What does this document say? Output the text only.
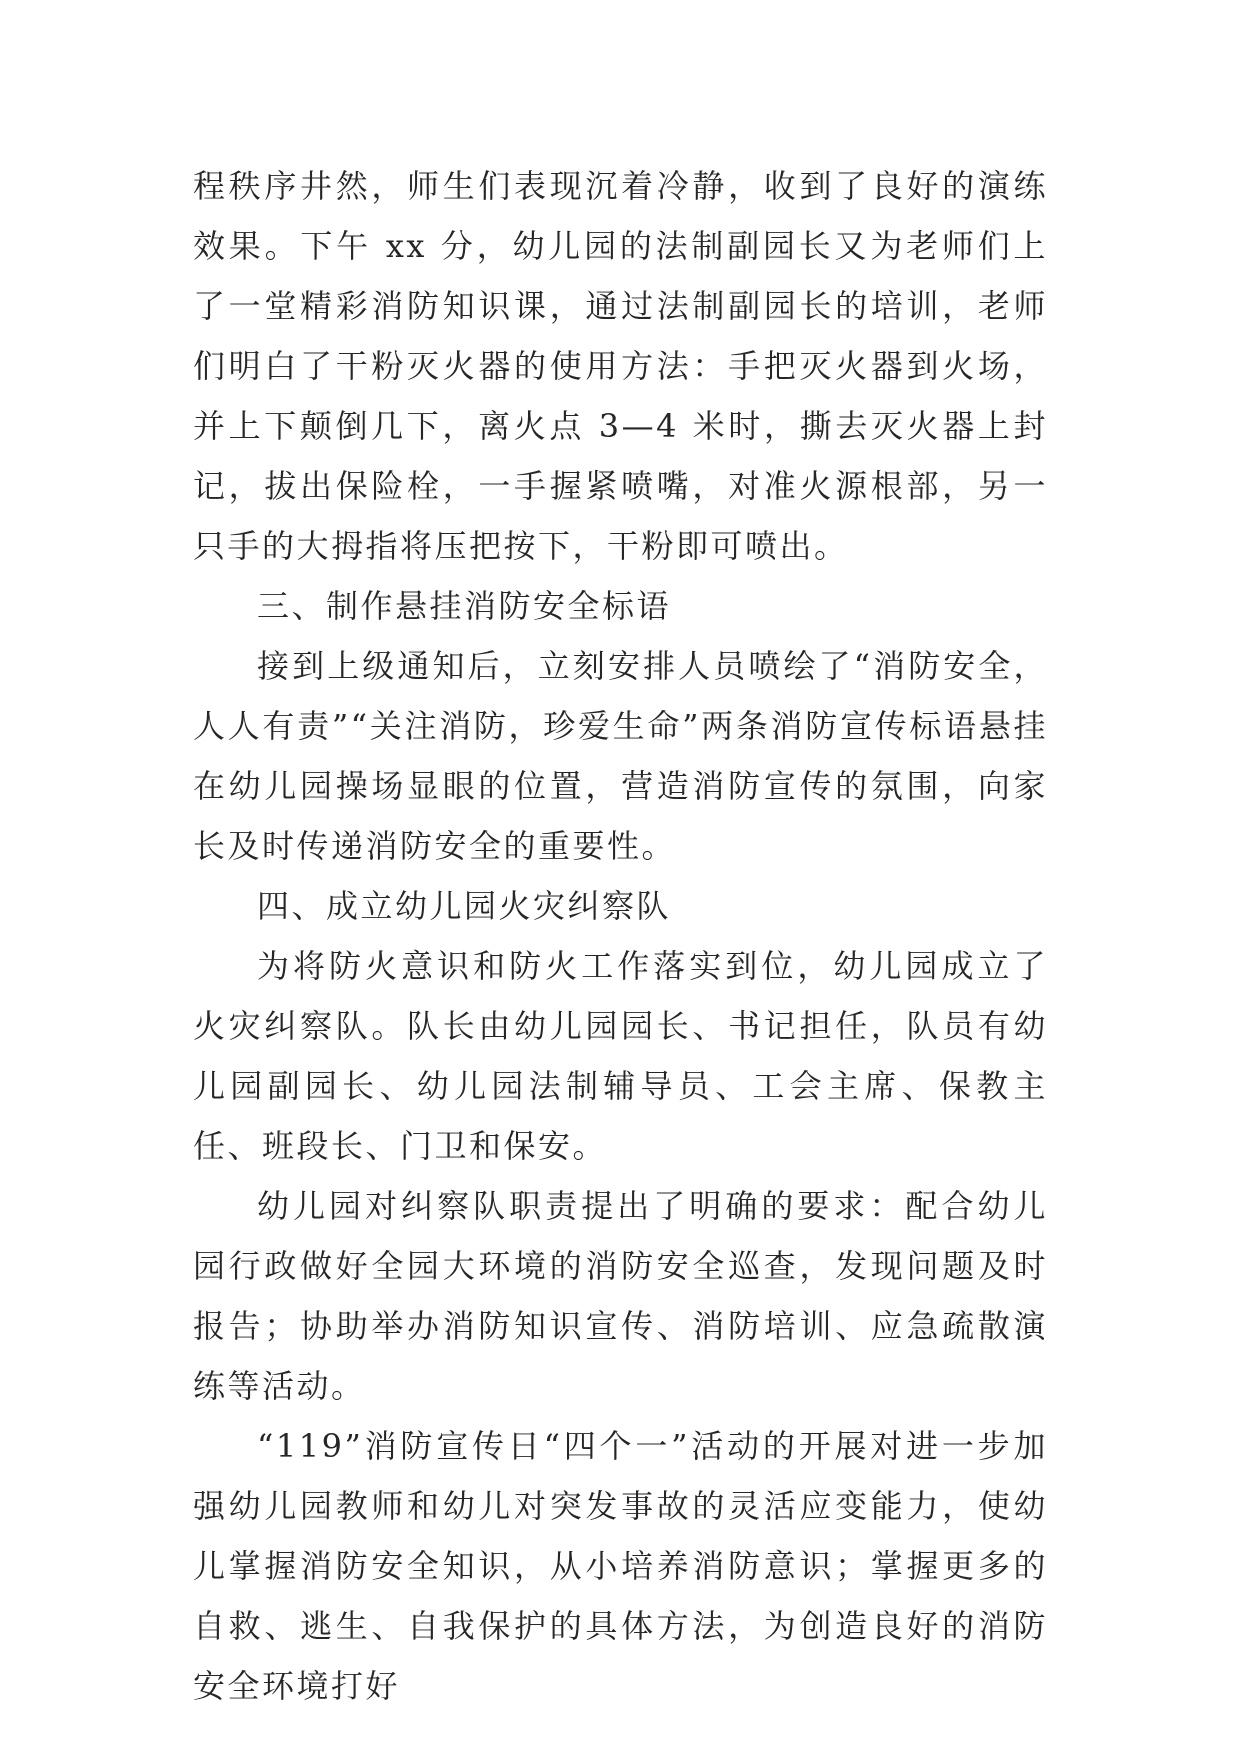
程秩序井然，师生们表现沉着冷静，收到了良好的演练效果。下午 xx 分，幼儿园的法制副园长又为老师们上了一堂精彩消防知识课，通过法制副园长的培训，老师们明白了干粉灭火器的使用方法：手把灭火器到火场，并上下颠倒几下，离火点 3—4 米时，撕去灭火器上封记，拔出保险栓，一手握紧喷嘴，对准火源根部，另一只手的大拇指将压把按下，干粉即可喷出。

三、制作悬挂消防安全标语

接到上级通知后，立刻安排人员喷绘了“消防安全，人人有责”“关注消防，珍爱生命”两条消防宣传标语悬挂在幼儿园操场显眼的位置，营造消防宣传的氛围，向家长及时传递消防安全的重要性。

四、成立幼儿园火灾纠察队

为将防火意识和防火工作落实到位，幼儿园成立了火灾纠察队。队长由幼儿园园长、书记担任，队员有幼儿园副园长、幼儿园法制辅导员、工会主席、保教主任、班段长、门卫和保安。

幼儿园对纠察队职责提出了明确的要求：配合幼儿园行政做好全园大环境的消防安全巡查，发现问题及时报告；协助举办消防知识宣传、消防培训、应急疏散演练等活动。

“119”消防宣传日“四个一”活动的开展对进一步加强幼儿园教师和幼儿对突发事故的灵活应变能力，使幼儿掌握消防安全知识，从小培养消防意识；掌握更多的自救、逃生、自我保护的具体方法，为创造良好的消防安全环境打好
